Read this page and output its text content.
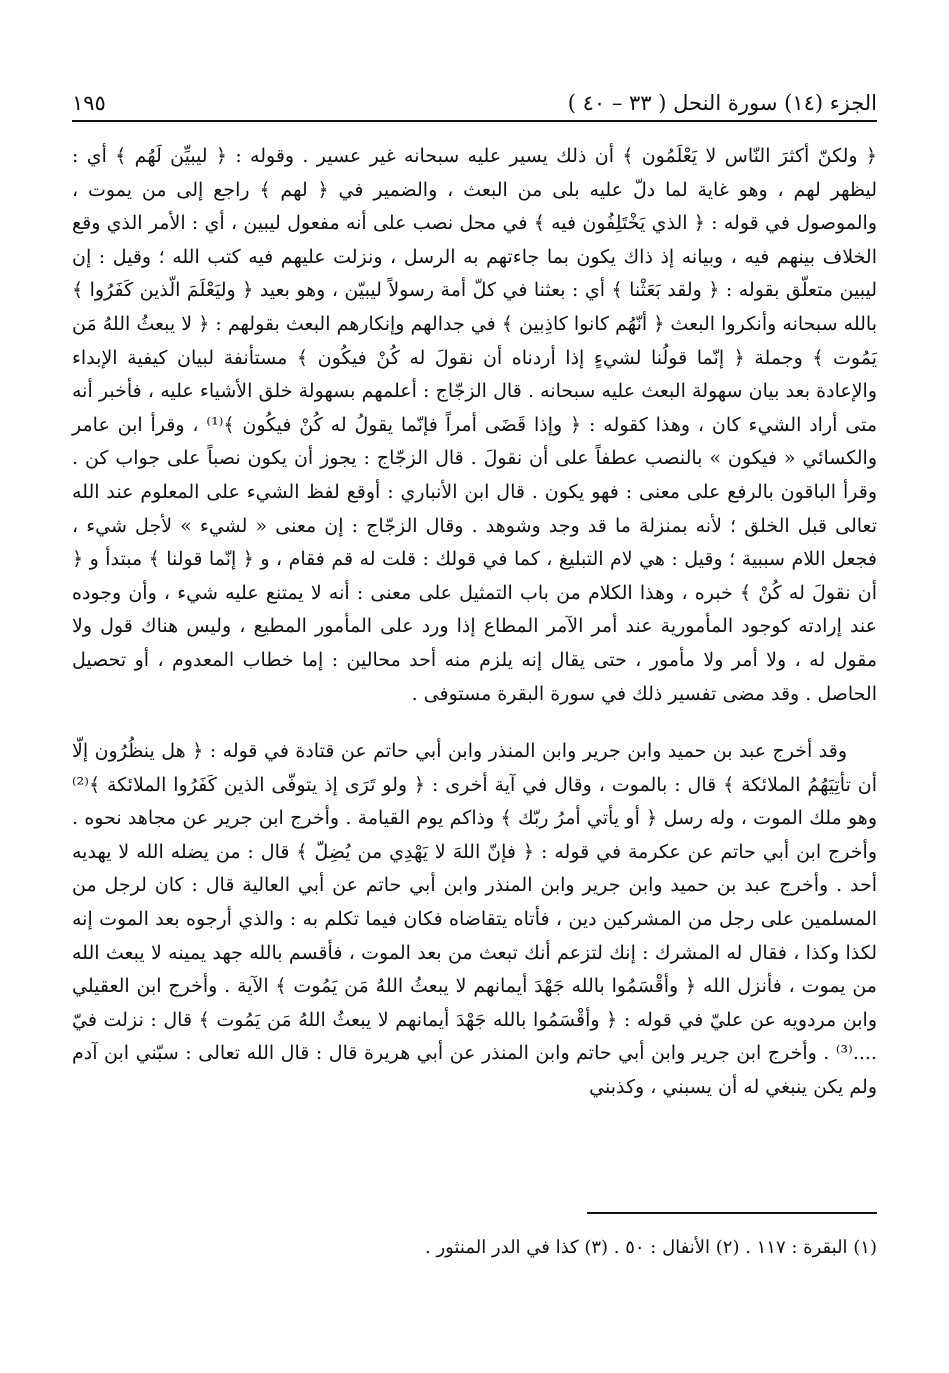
١٩٥	الجزء (١٤) سورة النحل ( ٣٣ – ٤٠ )

﴿ ولكنّ أكثرَ النّاس لا يَعْلَمُون ﴾ أن ذلك يسير عليه سبحانه غير عسير . وقوله : ﴿ ليبيِّن لَهُم ﴾ أي : ليظهر لهم ، وهو غاية لما دلّ عليه بلى من البعث ، والضمير في ﴿ لهم ﴾ راجع إلى من يموت ، والموصول في قوله : ﴿ الذي يَخْتَلِفُون فيه ﴾ في محل نصب على أنه مفعول ليبين ، أي : الأمر الذي وقع الخلاف بينهم فيه ، وبيانه إذ ذاك يكون بما جاءتهم به الرسل ، ونزلت عليهم فيه كتب الله ؛ وقيل : إن ليبين متعلّق بقوله : ﴿ ولقد بَعَثْنا ﴾ أي : بعثنا في كلّ أمة رسولاً ليبيّن ، وهو بعيد ﴿ وليَعْلَمَ الّذين كَفَرُوا ﴾ بالله سبحانه وأنكروا البعث ﴿ أنّهُم كانوا كاذِبين ﴾ في جدالهم وإنكارهم البعث بقولهم : ﴿ لا يبعثُ اللهُ مَن يَمُوت ﴾ وجملة ﴿ إنّما قولُنا لشيءٍ إذا أردناه أن نقولَ له كُنْ فيكُون ﴾ مستأنفة لبيان كيفية الإبداء والإعادة بعد بيان سهولة البعث عليه سبحانه . قال الزجّاج : أعلمهم بسهولة خلق الأشياء عليه ، فأخبر أنه متى أراد الشيء كان ، وهذا كقوله : ﴿ وإذا قَضَى أمراً فإنّما يقولُ له كُنْ فيكُون ﴾⁽¹⁾ ، وقرأ ابن عامر والكسائي « فيكون » بالنصب عطفاً على أن نقولَ . قال الزجّاج : يجوز أن يكون نصباً على جواب كن . وقرأ الباقون بالرفع على معنى : فهو يكون . قال ابن الأنباري : أوقع لفظ الشيء على المعلوم عند الله تعالى قبل الخلق ؛ لأنه بمنزلة ما قد وجد وشوهد . وقال الزجّاج : إن معنى « لشيء » لأجل شيء ، فجعل اللام سببية ؛ وقيل : هي لام التبليغ ، كما في قولك : قلت له قم فقام ، و ﴿ إنّما قولنا ﴾ مبتدأ و ﴿ أن نقولَ له كُنْ ﴾ خبره ، وهذا الكلام من باب التمثيل على معنى : أنه لا يمتنع عليه شيء ، وأن وجوده عند إرادته كوجود المأمورية عند أمر الآمر المطاع إذا ورد على المأمور المطيع ، وليس هناك قول ولا مقول له ، ولا أمر ولا مأمور ، حتى يقال إنه يلزم منه أحد محالين : إما خطاب المعدوم ، أو تحصيل الحاصل . وقد مضى تفسير ذلك في سورة البقرة مستوفى .

وقد أخرج عبد بن حميد وابن جرير وابن المنذر وابن أبي حاتم عن قتادة في قوله : ﴿ هل ينظُرُون إلّا أن تأتِيَهُمُ الملائكة ﴾ قال : بالموت ، وقال في آية أخرى : ﴿ ولو تَرَى إذ يتوفّى الذين كَفَرُوا الملائكة ﴾⁽²⁾ وهو ملك الموت ، وله رسل ﴿ أو يأتي أمرُ ربّك ﴾ وذاكم يوم القيامة . وأخرج ابن جرير عن مجاهد نحوه . وأخرج ابن أبي حاتم عن عكرمة في قوله : ﴿ فإنّ اللهَ لا يَهْدِي من يُضِلّ ﴾ قال : من يضله الله لا يهديه أحد . وأخرج عبد بن حميد وابن جرير وابن المنذر وابن أبي حاتم عن أبي العالية قال : كان لرجل من المسلمين على رجل من المشركين دين ، فأتاه يتقاضاه فكان فيما تكلم به : والذي أرجوه بعد الموت إنه لكذا وكذا ، فقال له المشرك : إنك لتزعم أنك تبعث من بعد الموت ، فأقسم بالله جهد يمينه لا يبعث الله من يموت ، فأنزل الله ﴿ وأقْسَمُوا بالله جَهْدَ أيمانهم لا يبعثُ اللهُ مَن يَمُوت ﴾ الآية . وأخرج ابن العقيلي وابن مردويه عن عليّ في قوله : ﴿ وأقْسَمُوا بالله جَهْدَ أيمانهم لا يبعثُ اللهُ مَن يَمُوت ﴾ قال : نزلت فيّ ....⁽³⁾ . وأخرج ابن جرير وابن أبي حاتم وابن المنذر عن أبي هريرة قال : قال الله تعالى : سبّني ابن آدم ولم يكن ينبغي له أن يسبني ، وكذبني

(١) البقرة : ١١٧ . (٢) الأنفال : ٥٠ . (٣) كذا في الدر المنثور .
